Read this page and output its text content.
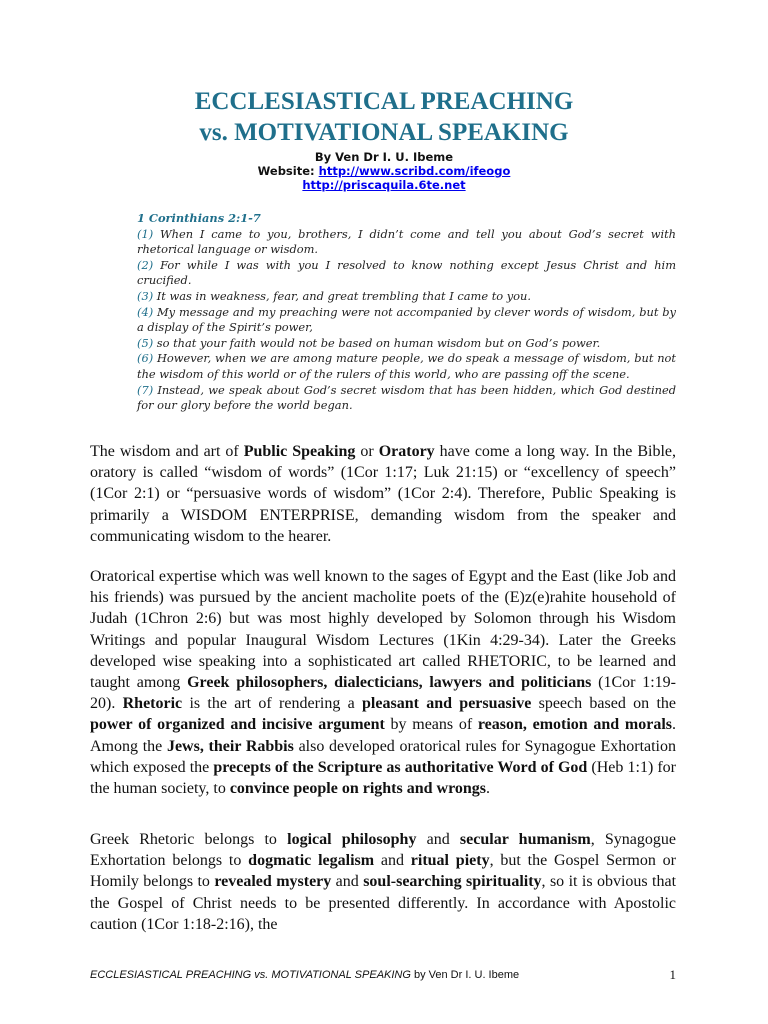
ECCLESIASTICAL PREACHING
vs. MOTIVATIONAL SPEAKING
By Ven Dr I. U. Ibeme
Website: http://www.scribd.com/ifeogo
http://priscaquila.6te.net

1 Corinthians 2:1-7

(1) When I came to you, brothers, I didn’t come and tell you about God’s secret with rhetorical language or wisdom.

(2) For while I was with you I resolved to know nothing except Jesus Christ and him crucified.

(3) It was in weakness, fear, and great trembling that I came to you.

(4) My message and my preaching were not accompanied by clever words of wisdom, but by a display of the Spirit’s power,

(5) so that your faith would not be based on human wisdom but on God’s power.

(6) However, when we are among mature people, we do speak a message of wisdom, but not the wisdom of this world or of the rulers of this world, who are passing off the scene.

(7) Instead, we speak about God’s secret wisdom that has been hidden, which God destined for our glory before the world began.

The wisdom and art of Public Speaking or Oratory have come a long way. In the Bible, oratory is called “wisdom of words” (1Cor 1:17; Luk 21:15) or “excellency of speech” (1Cor 2:1) or “persuasive words of wisdom” (1Cor 2:4). Therefore, Public Speaking is primarily a WISDOM ENTERPRISE, demanding wisdom from the speaker and communicating wisdom to the hearer.

Oratorical expertise which was well known to the sages of Egypt and the East (like Job and his friends) was pursued by the ancient macholite poets of the (E)z(e)rahite household of Judah (1Chron 2:6) but was most highly developed by Solomon through his Wisdom Writings and popular Inaugural Wisdom Lectures (1Kin 4:29-34). Later the Greeks developed wise speaking into a sophisticated art called RHETORIC, to be learned and taught among Greek philosophers, dialecticians, lawyers and politicians (1Cor 1:19-20). Rhetoric is the art of rendering a pleasant and persuasive speech based on the power of organized and incisive argument by means of reason, emotion and morals. Among the Jews, their Rabbis also developed oratorical rules for Synagogue Exhortation which exposed the precepts of the Scripture as authoritative Word of God (Heb 1:1) for the human society, to convince people on rights and wrongs.

Greek Rhetoric belongs to logical philosophy and secular humanism, Synagogue Exhortation belongs to dogmatic legalism and ritual piety, but the Gospel Sermon or Homily belongs to revealed mystery and soul-searching spirituality, so it is obvious that the Gospel of Christ needs to be presented differently. In accordance with Apostolic caution (1Cor 1:18-2:16), the

ECCLESIASTICAL PREACHING vs. MOTIVATIONAL SPEAKING by Ven Dr I. U. Ibeme	1
